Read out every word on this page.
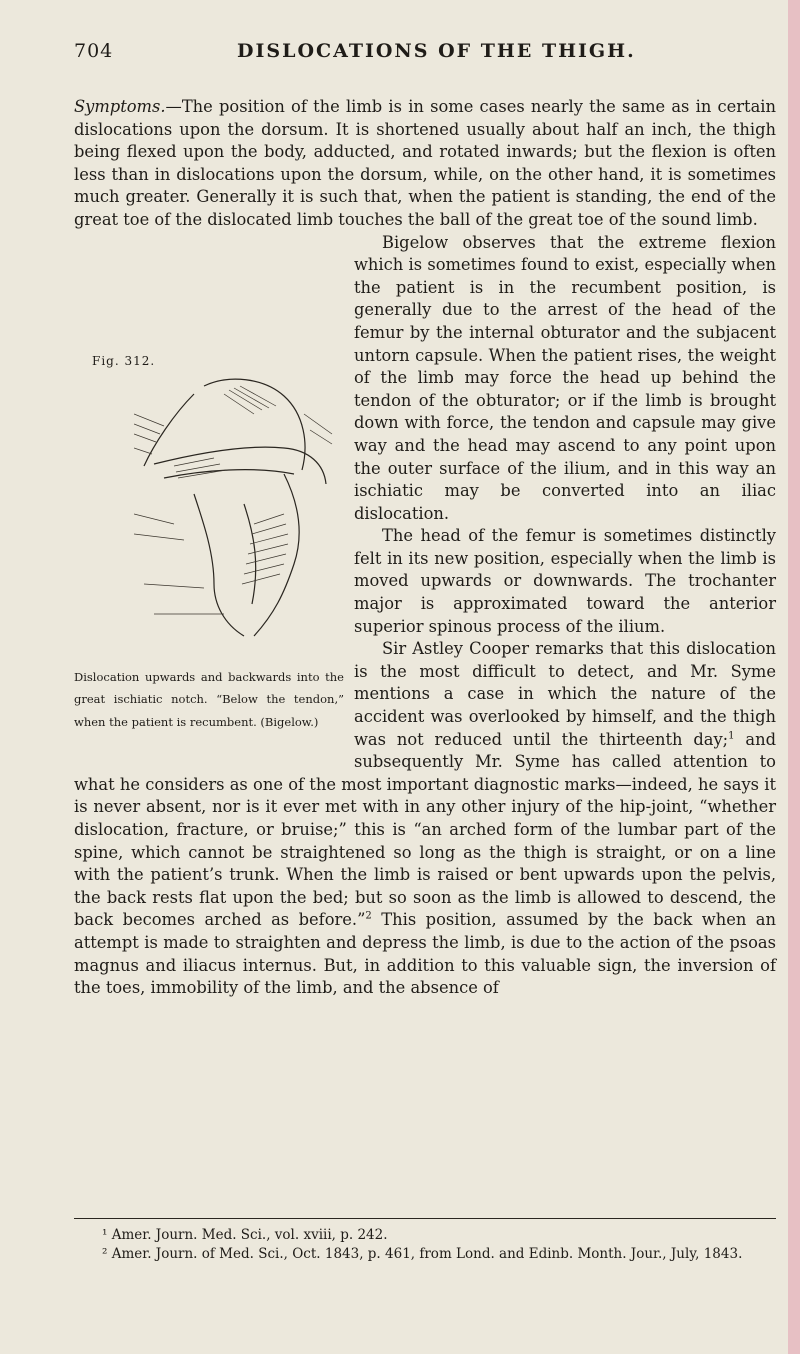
704	DISLOCATIONS OF THE THIGH.

Symptoms.—The position of the limb is in some cases nearly the same as in certain dislocations upon the dorsum. It is shortened usually about half an inch, the thigh being flexed upon the body, adducted, and rotated inwards; but the flexion is often less than in dislocations upon the dorsum, while, on the other hand, it is sometimes much greater. Generally it is such that, when the patient is standing, the end of the great toe of the dislocated limb touches the ball of the great toe of the sound limb.

Fig. 312.
Dislocation upwards and backwards into the great ischiatic notch. “Below the tendon,” when the patient is recumbent. (Bigelow.)

Bigelow observes that the extreme flexion which is sometimes found to exist, especially when the patient is in the recumbent position, is generally due to the arrest of the head of the femur by the internal obturator and the subjacent untorn capsule. When the patient rises, the weight of the limb may force the head up behind the tendon of the obturator; or if the limb is brought down with force, the tendon and capsule may give way and the head may ascend to any point upon the outer surface of the ilium, and in this way an ischiatic may be converted into an iliac dislocation.

The head of the femur is sometimes distinctly felt in its new position, especially when the limb is moved upwards or downwards. The trochanter major is approximated toward the anterior superior spinous process of the ilium.

Sir Astley Cooper remarks that this dislocation is the most difficult to detect, and Mr. Syme mentions a case in which the nature of the accident was overlooked by himself, and the thigh was not reduced until the thirteenth day;$^1$ and subsequently Mr. Syme has called attention to what he considers as one of the most important diagnostic marks—indeed, he says it is never absent, nor is it ever met with in any other injury of the hip-joint, “whether dislocation, fracture, or bruise;” this is “an arched form of the lumbar part of the spine, which cannot be straightened so long as the thigh is straight, or on a line with the patient’s trunk. When the limb is raised or bent upwards upon the pelvis, the back rests flat upon the bed; but so soon as the limb is allowed to descend, the back becomes arched as before.”$^2$ This position, assumed by the back when an attempt is made to straighten and depress the limb, is due to the action of the psoas magnus and iliacus internus. But, in addition to this valuable sign, the inversion of the toes, immobility of the limb, and the absence of

¹ Amer. Journ. Med. Sci., vol. xviii, p. 242.

² Amer. Journ. of Med. Sci., Oct. 1843, p. 461, from Lond. and Edinb. Month. Jour., July, 1843.
